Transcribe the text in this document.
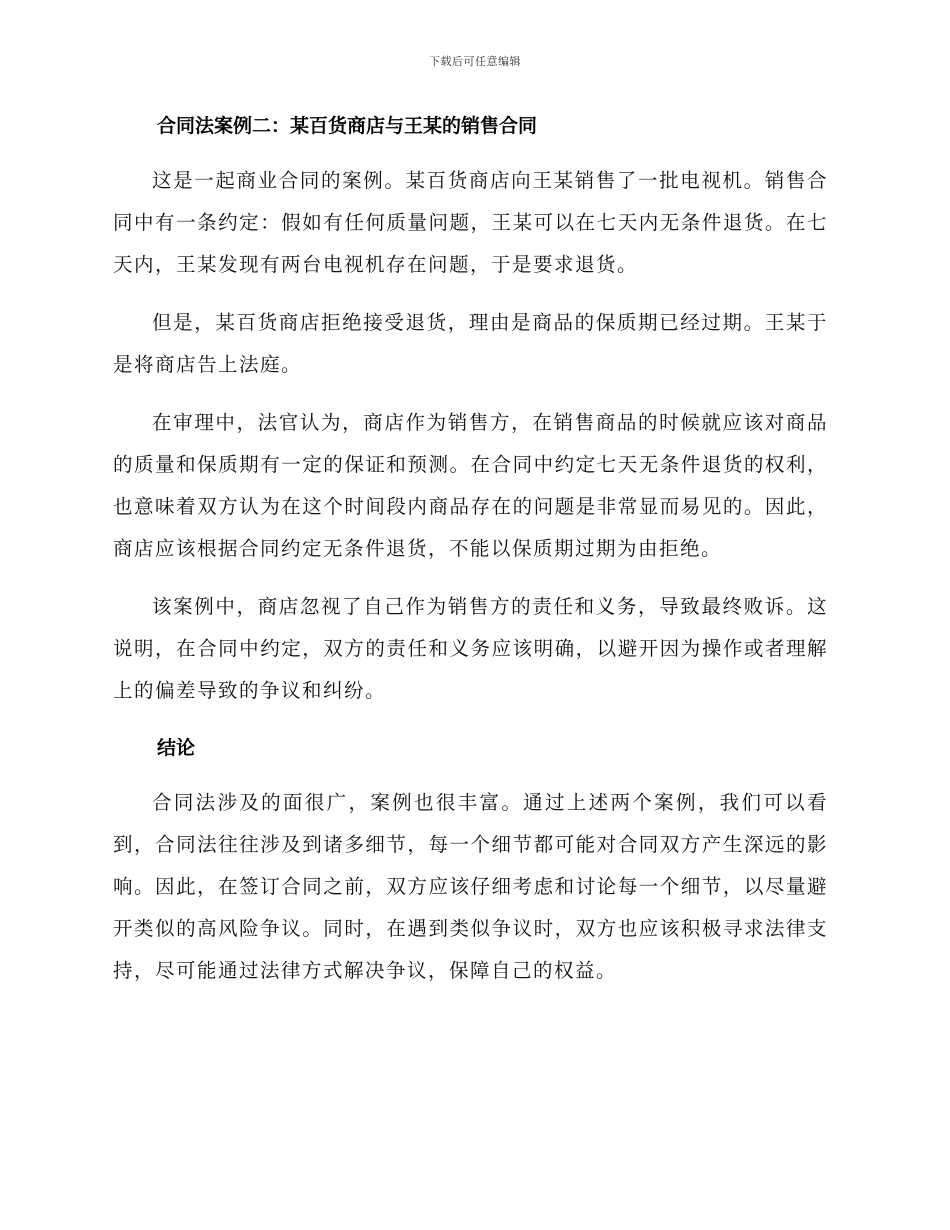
下载后可任意编辑
合同法案例二：某百货商店与王某的销售合同

这是一起商业合同的案例。某百货商店向王某销售了一批电视机。销售合同中有一条约定：假如有任何质量问题，王某可以在七天内无条件退货。在七天内，王某发现有两台电视机存在问题，于是要求退货。

但是，某百货商店拒绝接受退货，理由是商品的保质期已经过期。王某于是将商店告上法庭。

在审理中，法官认为，商店作为销售方，在销售商品的时候就应该对商品的质量和保质期有一定的保证和预测。在合同中约定七天无条件退货的权利，也意味着双方认为在这个时间段内商品存在的问题是非常显而易见的。因此，商店应该根据合同约定无条件退货，不能以保质期过期为由拒绝。

该案例中，商店忽视了自己作为销售方的责任和义务，导致最终败诉。这说明，在合同中约定，双方的责任和义务应该明确，以避开因为操作或者理解上的偏差导致的争议和纠纷。

结论

合同法涉及的面很广，案例也很丰富。通过上述两个案例，我们可以看到，合同法往往涉及到诸多细节，每一个细节都可能对合同双方产生深远的影响。因此，在签订合同之前，双方应该仔细考虑和讨论每一个细节，以尽量避开类似的高风险争议。同时，在遇到类似争议时，双方也应该积极寻求法律支持，尽可能通过法律方式解决争议，保障自己的权益。
